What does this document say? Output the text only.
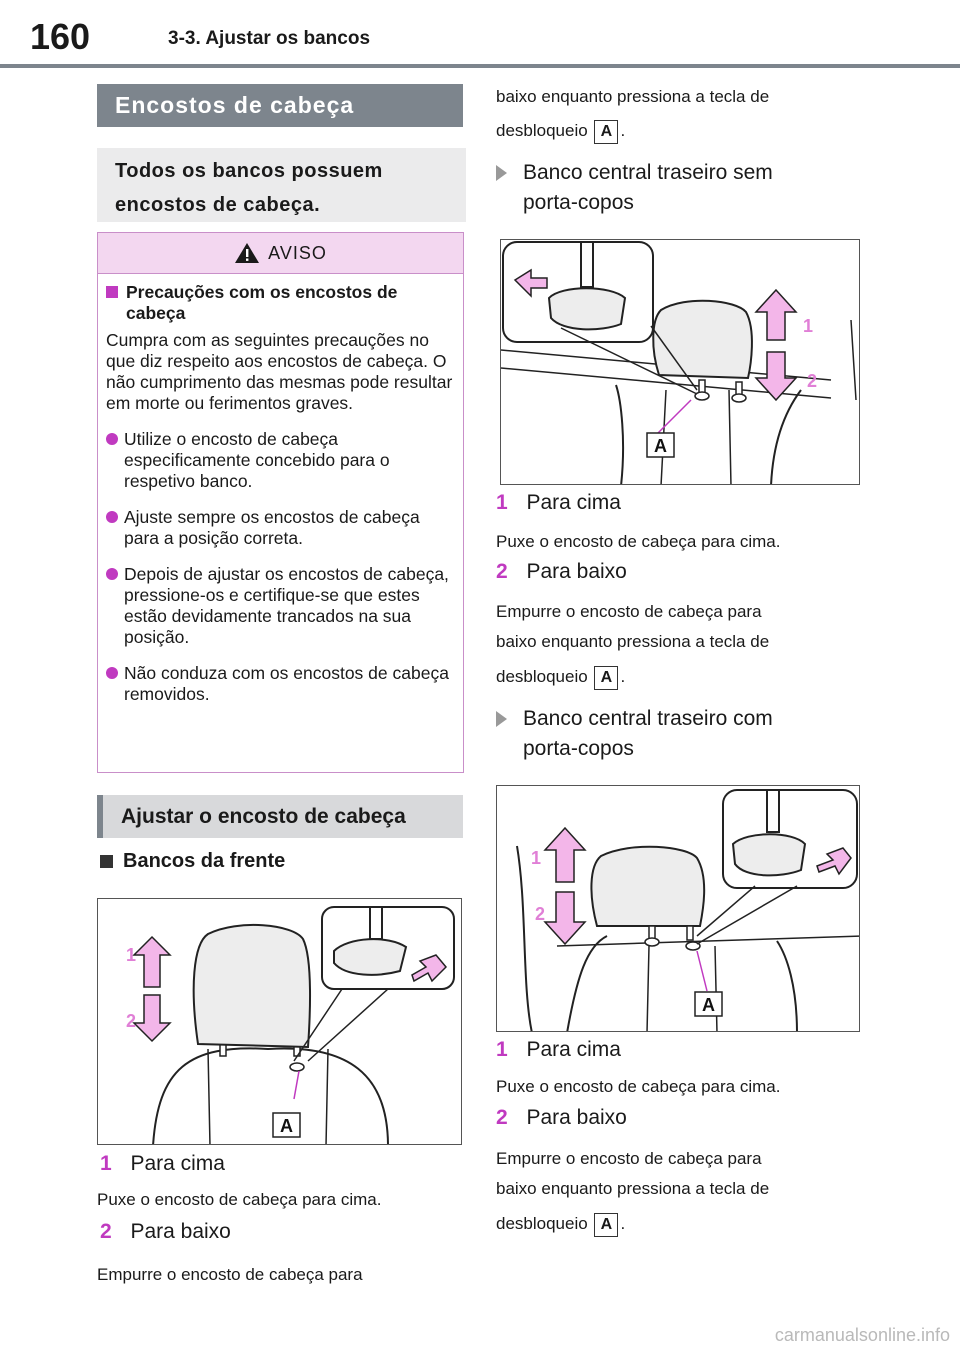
160	3-3. Ajustar os bancos
Encostos de cabeça
Todos os bancos possuem
encostos de cabeça.
AVISO
Precauções com os encostos de cabeça
Cumpra com as seguintes precauções no que diz respeito aos encostos de cabeça. O não cumprimento das mesmas pode resultar em morte ou ferimentos graves.
Utilize o encosto de cabeça especificamente concebido para o respetivo banco.
Ajuste sempre os encostos de cabeça para a posição correta.
Depois de ajustar os encostos de cabeça, pressione-os e certifique-se que estes estão devidamente trancados na sua posição.
Não conduza com os encostos de cabeça removidos.
Ajustar o encosto de cabeça
Bancos da frente
1
2
A
1 Para cima
Puxe o encosto de cabeça para cima.
2 Para baixo
Empurre o encosto de cabeça para
baixo enquanto pressiona a tecla de
desbloqueio A .
Banco central traseiro sem
porta-copos
1
2
A
1 Para cima
Puxe o encosto de cabeça para cima.
2 Para baixo
Empurre o encosto de cabeça para
baixo enquanto pressiona a tecla de
desbloqueio A .
Banco central traseiro com
porta-copos
1
2
A
1 Para cima
Puxe o encosto de cabeça para cima.
2 Para baixo
Empurre o encosto de cabeça para
baixo enquanto pressiona a tecla de
desbloqueio A .
carmanualsonline.info
